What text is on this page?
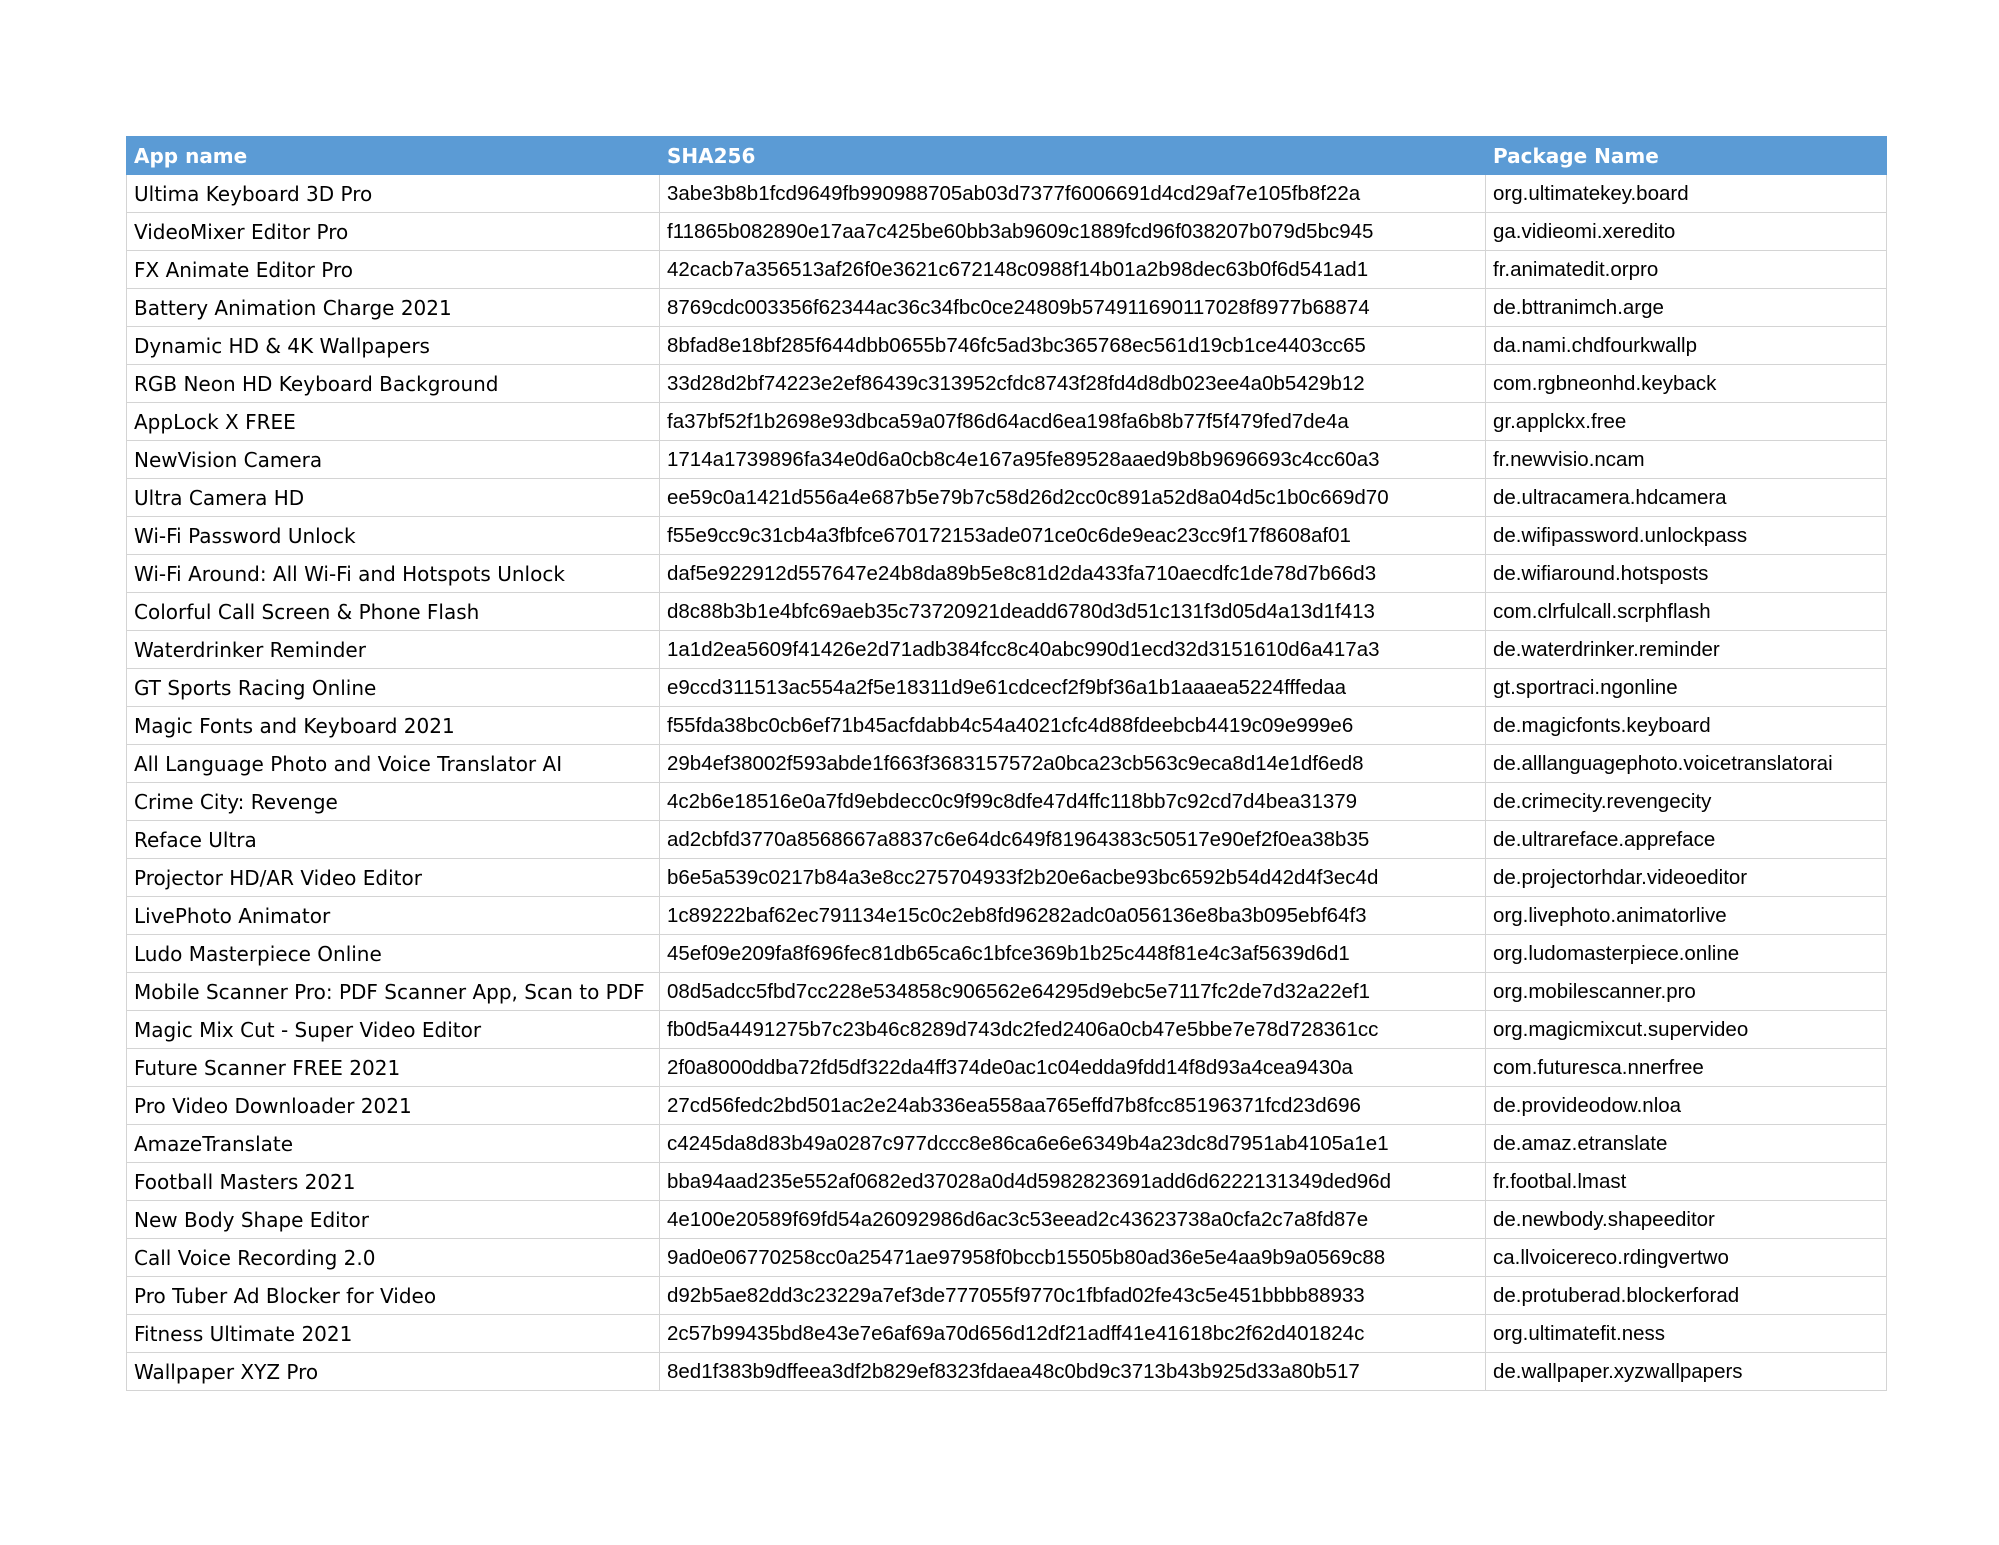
App name	SHA256	Package Name
Ultima Keyboard 3D Pro	3abe3b8b1fcd9649fb990988705ab03d7377f6006691d4cd29af7e105fb8f22a	org.ultimatekey.board
VideoMixer Editor Pro	f11865b082890e17aa7c425be60bb3ab9609c1889fcd96f038207b079d5bc945	ga.vidieomi.xeredito
FX Animate Editor Pro	42cacb7a356513af26f0e3621c672148c0988f14b01a2b98dec63b0f6d541ad1	fr.animatedit.orpro
Battery Animation Charge 2021	8769cdc003356f62344ac36c34fbc0ce24809b574911690117028f8977b68874	de.bttranimch.arge
Dynamic HD & 4K Wallpapers	8bfad8e18bf285f644dbb0655b746fc5ad3bc365768ec561d19cb1ce4403cc65	da.nami.chdfourkwallp
RGB Neon HD Keyboard Background	33d28d2bf74223e2ef86439c313952cfdc8743f28fd4d8db023ee4a0b5429b12	com.rgbneonhd.keyback
AppLock X FREE	fa37bf52f1b2698e93dbca59a07f86d64acd6ea198fa6b8b77f5f479fed7de4a	gr.applckx.free
NewVision Camera	1714a1739896fa34e0d6a0cb8c4e167a95fe89528aaed9b8b9696693c4cc60a3	fr.newvisio.ncam
Ultra Camera HD	ee59c0a1421d556a4e687b5e79b7c58d26d2cc0c891a52d8a04d5c1b0c669d70	de.ultracamera.hdcamera
Wi-Fi Password Unlock	f55e9cc9c31cb4a3fbfce670172153ade071ce0c6de9eac23cc9f17f8608af01	de.wifipassword.unlockpass
Wi-Fi Around: All Wi-Fi and Hotspots Unlock	daf5e922912d557647e24b8da89b5e8c81d2da433fa710aecdfc1de78d7b66d3	de.wifiaround.hotsposts
Colorful Call Screen & Phone Flash	d8c88b3b1e4bfc69aeb35c73720921deadd6780d3d51c131f3d05d4a13d1f413	com.clrfulcall.scrphflash
Waterdrinker Reminder	1a1d2ea5609f41426e2d71adb384fcc8c40abc990d1ecd32d3151610d6a417a3	de.waterdrinker.reminder
GT Sports Racing Online	e9ccd311513ac554a2f5e18311d9e61cdcecf2f9bf36a1b1aaaea5224fffedaa	gt.sportraci.ngonline
Magic Fonts and Keyboard 2021	f55fda38bc0cb6ef71b45acfdabb4c54a4021cfc4d88fdeebcb4419c09e999e6	de.magicfonts.keyboard
All Language Photo and Voice Translator AI	29b4ef38002f593abde1f663f3683157572a0bca23cb563c9eca8d14e1df6ed8	de.alllanguagephoto.voicetranslatorai
Crime City: Revenge	4c2b6e18516e0a7fd9ebdecc0c9f99c8dfe47d4ffc118bb7c92cd7d4bea31379	de.crimecity.revengecity
Reface Ultra	ad2cbfd3770a8568667a8837c6e64dc649f81964383c50517e90ef2f0ea38b35	de.ultrareface.appreface
Projector HD/AR Video Editor	b6e5a539c0217b84a3e8cc275704933f2b20e6acbe93bc6592b54d42d4f3ec4d	de.projectorhdar.videoeditor
LivePhoto Animator	1c89222baf62ec791134e15c0c2eb8fd96282adc0a056136e8ba3b095ebf64f3	org.livephoto.animatorlive
Ludo Masterpiece Online	45ef09e209fa8f696fec81db65ca6c1bfce369b1b25c448f81e4c3af5639d6d1	org.ludomasterpiece.online
Mobile Scanner Pro: PDF Scanner App, Scan to PDF	08d5adcc5fbd7cc228e534858c906562e64295d9ebc5e7117fc2de7d32a22ef1	org.mobilescanner.pro
Magic Mix Cut - Super Video Editor	fb0d5a4491275b7c23b46c8289d743dc2fed2406a0cb47e5bbe7e78d728361cc	org.magicmixcut.supervideo
Future Scanner FREE 2021	2f0a8000ddba72fd5df322da4ff374de0ac1c04edda9fdd14f8d93a4cea9430a	com.futuresca.nnerfree
Pro Video Downloader 2021	27cd56fedc2bd501ac2e24ab336ea558aa765effd7b8fcc85196371fcd23d696	de.provideodow.nloa
AmazeTranslate	c4245da8d83b49a0287c977dccc8e86ca6e6e6349b4a23dc8d7951ab4105a1e1	de.amaz.etranslate
Football Masters 2021	bba94aad235e552af0682ed37028a0d4d5982823691add6d6222131349ded96d	fr.footbal.lmast
New Body Shape Editor	4e100e20589f69fd54a26092986d6ac3c53eead2c43623738a0cfa2c7a8fd87e	de.newbody.shapeeditor
Call Voice Recording 2.0	9ad0e06770258cc0a25471ae97958f0bccb15505b80ad36e5e4aa9b9a0569c88	ca.llvoicereco.rdingvertwo
Pro Tuber Ad Blocker for Video	d92b5ae82dd3c23229a7ef3de777055f9770c1fbfad02fe43c5e451bbbb88933	de.protuberad.blockerforad
Fitness Ultimate 2021	2c57b99435bd8e43e7e6af69a70d656d12df21adff41e41618bc2f62d401824c	org.ultimatefit.ness
Wallpaper XYZ Pro	8ed1f383b9dffeea3df2b829ef8323fdaea48c0bd9c3713b43b925d33a80b517	de.wallpaper.xyzwallpapers
